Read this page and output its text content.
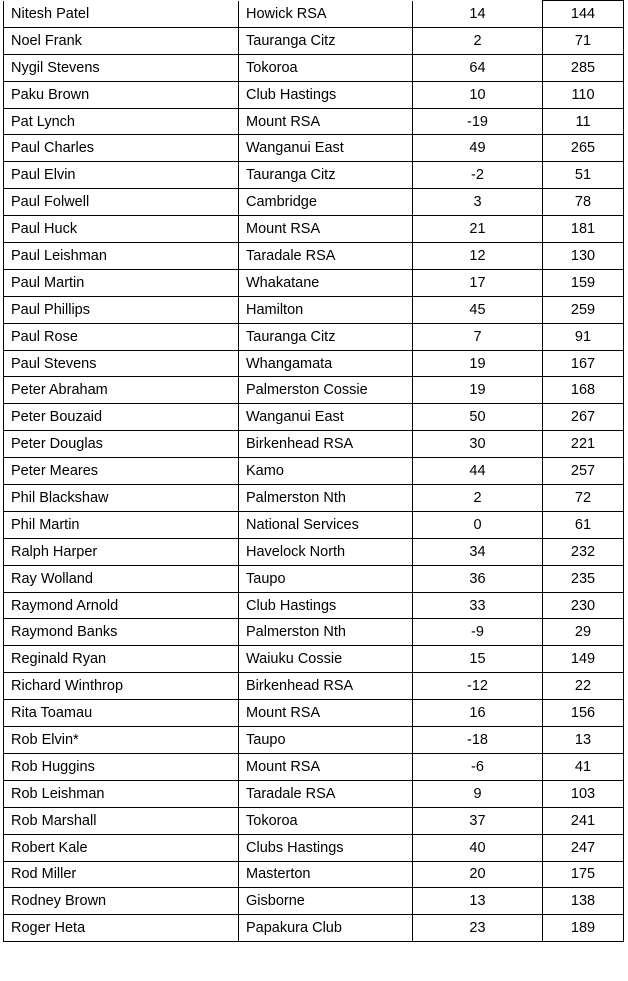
Nitesh Patel	Howick RSA	14	144
Noel Frank	Tauranga Citz	2	71
Nygil Stevens	Tokoroa	64	285
Paku Brown	Club Hastings	10	110
Pat Lynch	Mount RSA	-19	11
Paul Charles	Wanganui East	49	265
Paul Elvin	Tauranga Citz	-2	51
Paul Folwell	Cambridge	3	78
Paul Huck	Mount RSA	21	181
Paul Leishman	Taradale RSA	12	130
Paul Martin	Whakatane	17	159
Paul Phillips	Hamilton	45	259
Paul Rose	Tauranga Citz	7	91
Paul Stevens	Whangamata	19	167
Peter Abraham	Palmerston Cossie	19	168
Peter Bouzaid	Wanganui East	50	267
Peter Douglas	Birkenhead RSA	30	221
Peter Meares	Kamo	44	257
Phil Blackshaw	Palmerston Nth	2	72
Phil Martin	National Services	0	61
Ralph Harper	Havelock North	34	232
Ray Wolland	Taupo	36	235
Raymond Arnold	Club Hastings	33	230
Raymond Banks	Palmerston Nth	-9	29
Reginald Ryan	Waiuku Cossie	15	149
Richard Winthrop	Birkenhead RSA	-12	22
Rita Toamau	Mount RSA	16	156
Rob Elvin*	Taupo	-18	13
Rob Huggins	Mount RSA	-6	41
Rob Leishman	Taradale RSA	9	103
Rob Marshall	Tokoroa	37	241
Robert Kale	Clubs Hastings	40	247
Rod Miller	Masterton	20	175
Rodney Brown	Gisborne	13	138
Roger Heta	Papakura Club	23	189
